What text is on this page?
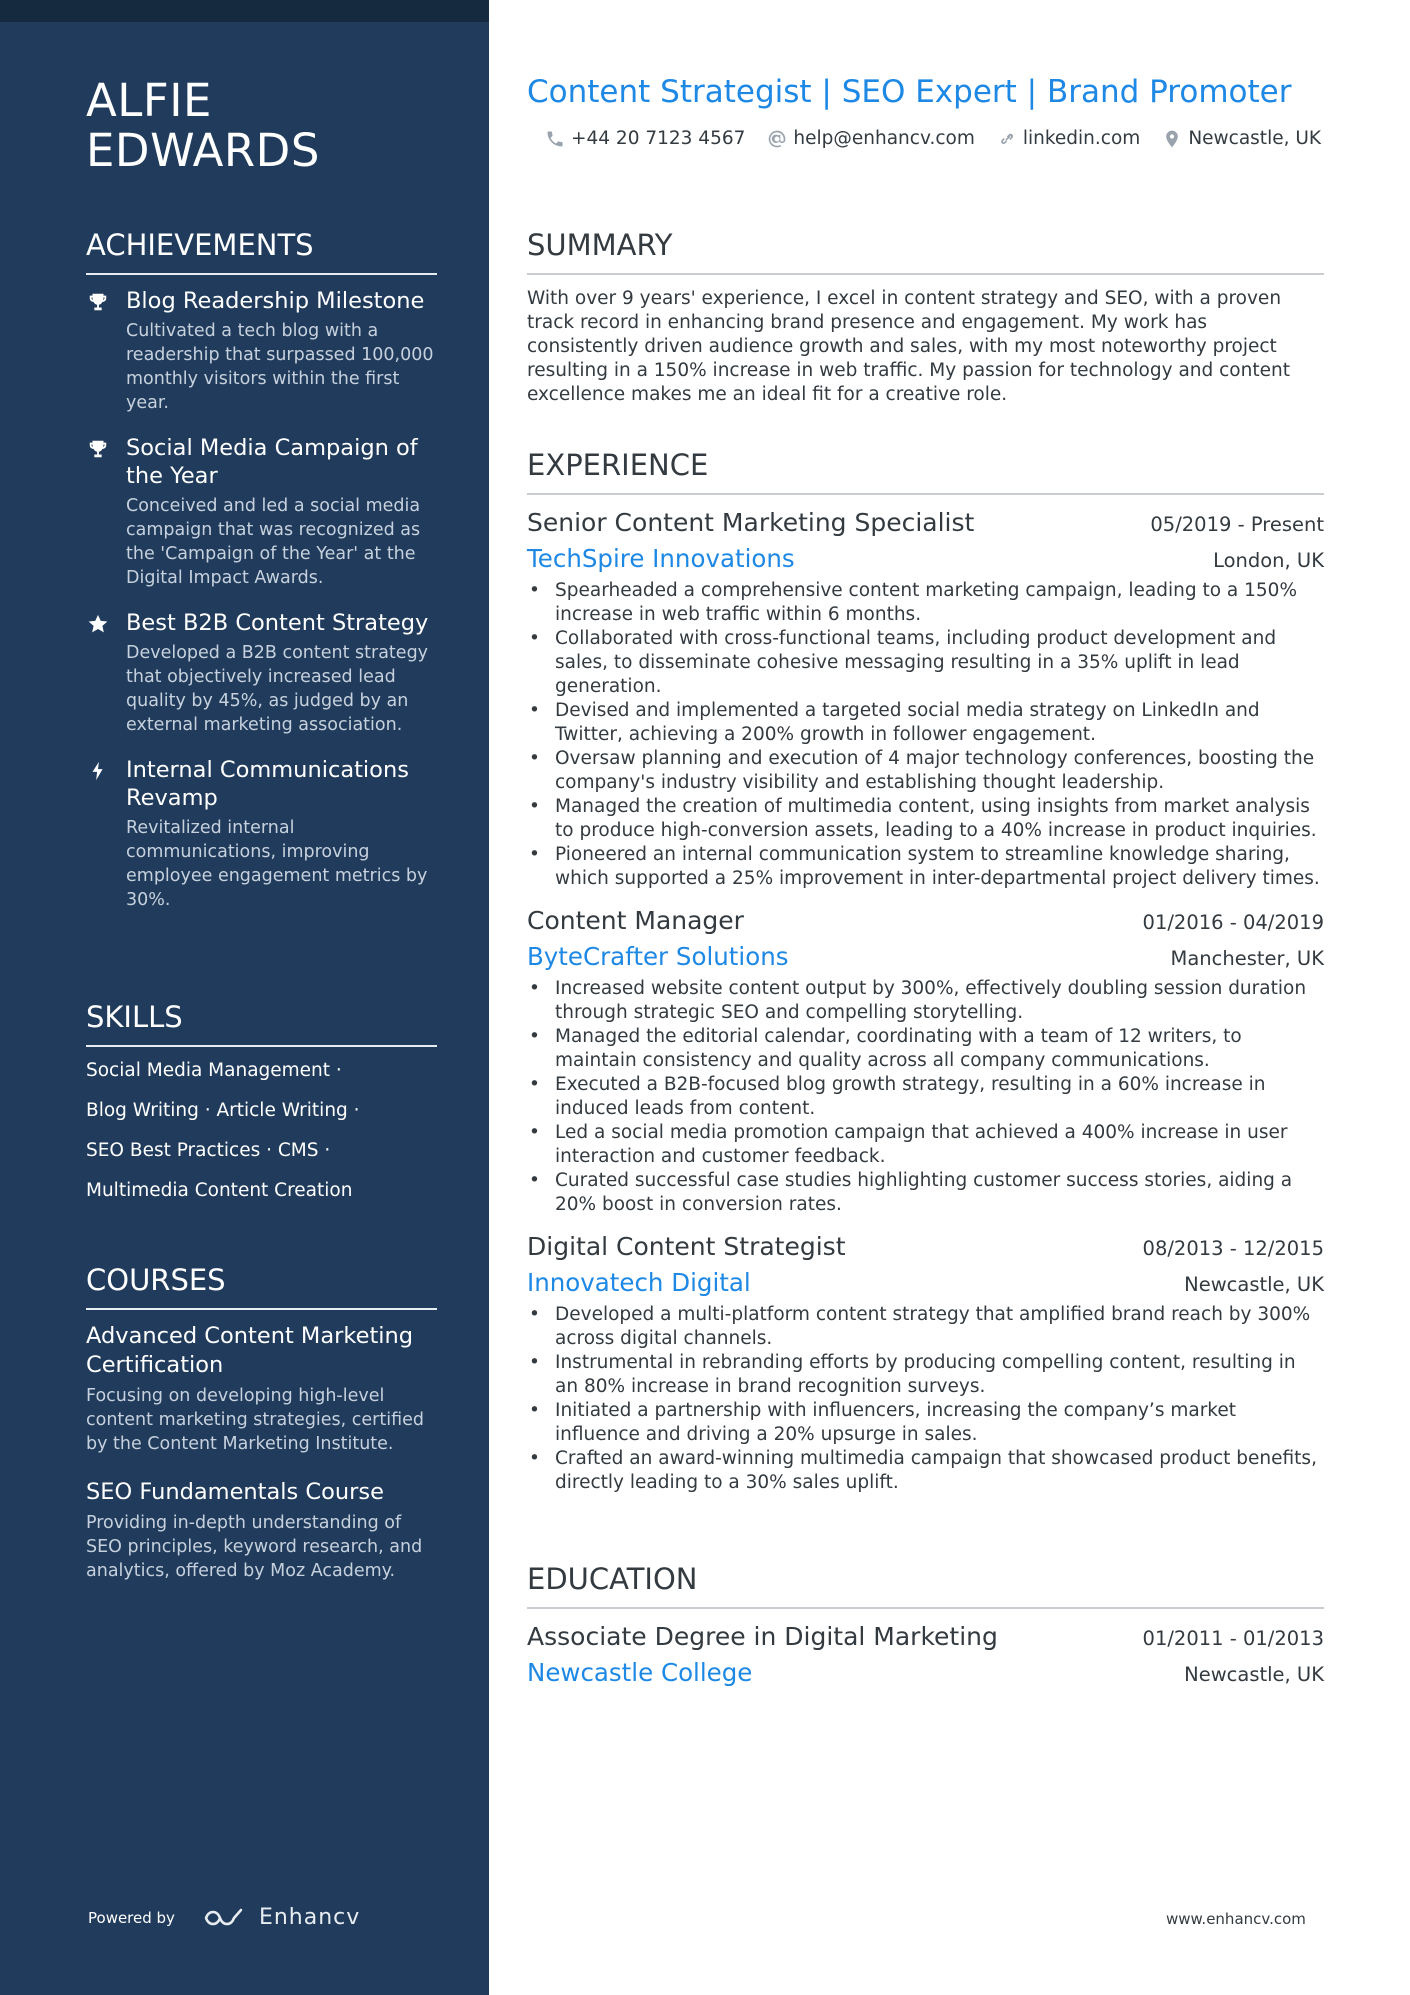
ALFIE
EDWARDS
ACHIEVEMENTS
Blog Readership Milestone
Cultivated a tech blog with a readership that surpassed 100,000 monthly visitors within the first year.
Social Media Campaign of the Year
Conceived and led a social media campaign that was recognized as the 'Campaign of the Year' at the Digital Impact Awards.
Best B2B Content Strategy
Developed a B2B content strategy that objectively increased lead quality by 45%, as judged by an external marketing association.
Internal Communications Revamp
Revitalized internal communications, improving employee engagement metrics by 30%.
SKILLS
Social Media Management ·
Blog Writing · Article Writing ·
SEO Best Practices · CMS ·
Multimedia Content Creation
COURSES
Advanced Content Marketing Certification
Focusing on developing high-level content marketing strategies, certified by the Content Marketing Institute.
SEO Fundamentals Course
Providing in-depth understanding of SEO principles, keyword research, and analytics, offered by Moz Academy.
Powered by	Enhancv
Content Strategist | SEO Expert | Brand Promoter
+44 20 7123 4567	help@enhancv.com	linkedin.com	Newcastle, UK
SUMMARY
With over 9 years' experience, I excel in content strategy and SEO, with a proven track record in enhancing brand presence and engagement. My work has consistently driven audience growth and sales, with my most noteworthy project resulting in a 150% increase in web traffic. My passion for technology and content excellence makes me an ideal fit for a creative role.
EXPERIENCE
Senior Content Marketing Specialist	05/2019 - Present
TechSpire Innovations	London, UK
• Spearheaded a comprehensive content marketing campaign, leading to a 150% increase in web traffic within 6 months.
• Collaborated with cross-functional teams, including product development and sales, to disseminate cohesive messaging resulting in a 35% uplift in lead generation.
• Devised and implemented a targeted social media strategy on LinkedIn and Twitter, achieving a 200% growth in follower engagement.
• Oversaw planning and execution of 4 major technology conferences, boosting the company's industry visibility and establishing thought leadership.
• Managed the creation of multimedia content, using insights from market analysis to produce high-conversion assets, leading to a 40% increase in product inquiries.
• Pioneered an internal communication system to streamline knowledge sharing, which supported a 25% improvement in inter-departmental project delivery times.
Content Manager	01/2016 - 04/2019
ByteCrafter Solutions	Manchester, UK
• Increased website content output by 300%, effectively doubling session duration through strategic SEO and compelling storytelling.
• Managed the editorial calendar, coordinating with a team of 12 writers, to maintain consistency and quality across all company communications.
• Executed a B2B-focused blog growth strategy, resulting in a 60% increase in induced leads from content.
• Led a social media promotion campaign that achieved a 400% increase in user interaction and customer feedback.
• Curated successful case studies highlighting customer success stories, aiding a 20% boost in conversion rates.
Digital Content Strategist	08/2013 - 12/2015
Innovatech Digital	Newcastle, UK
• Developed a multi-platform content strategy that amplified brand reach by 300% across digital channels.
• Instrumental in rebranding efforts by producing compelling content, resulting in an 80% increase in brand recognition surveys.
• Initiated a partnership with influencers, increasing the company’s market influence and driving a 20% upsurge in sales.
• Crafted an award-winning multimedia campaign that showcased product benefits, directly leading to a 30% sales uplift.
EDUCATION
Associate Degree in Digital Marketing	01/2011 - 01/2013
Newcastle College	Newcastle, UK
www.enhancv.com
